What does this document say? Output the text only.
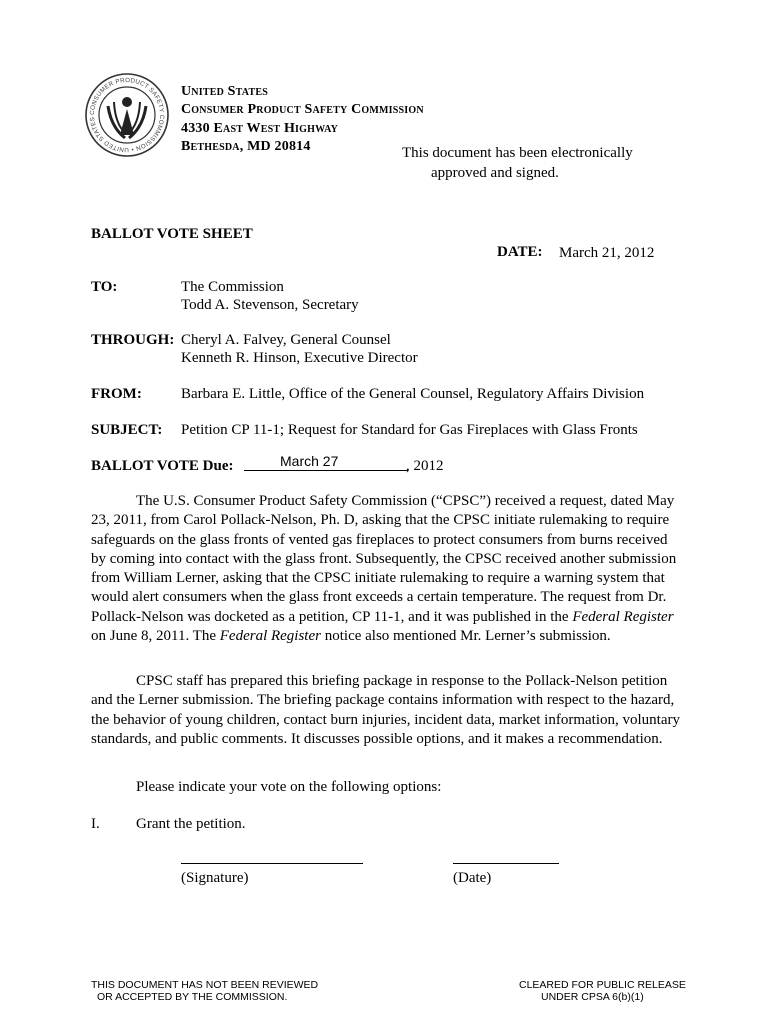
CONSUMER PRODUCT SAFETY COMMISSION • UNITED STATES
United States
Consumer Product Safety Commission
4330 East West Highway
Bethesda, MD 20814	This document has been electronically
approved and signed.
BALLOT VOTE SHEET
DATE: March 21, 2012
TO:	The Commission
Todd A. Stevenson, Secretary
THROUGH: Cheryl A. Falvey, General Counsel
Kenneth R. Hinson, Executive Director
FROM:	Barbara E. Little, Office of the General Counsel, Regulatory Affairs Division
SUBJECT: Petition CP 11-1; Request for Standard for Gas Fireplaces with Glass Fronts
BALLOT VOTE Due:	March 27	, 2012
The U.S. Consumer Product Safety Commission (“CPSC”) received a request, dated May 23, 2011, from Carol Pollack-Nelson, Ph. D, asking that the CPSC initiate rulemaking to require safeguards on the glass fronts of vented gas fireplaces to protect consumers from burns received by coming into contact with the glass front. Subsequently, the CPSC received another submission from William Lerner, asking that the CPSC initiate rulemaking to require a warning system that would alert consumers when the glass front exceeds a certain temperature. The request from Dr. Pollack-Nelson was docketed as a petition, CP 11-1, and it was published in the Federal Register on June 8, 2011. The Federal Register notice also mentioned Mr. Lerner’s submission.
CPSC staff has prepared this briefing package in response to the Pollack-Nelson petition and the Lerner submission. The briefing package contains information with respect to the hazard, the behavior of young children, contact burn injuries, incident data, market information, voluntary standards, and public comments. It discusses possible options, and it makes a recommendation.
Please indicate your vote on the following options:
I. Grant the petition.
(Signature)	(Date)
THIS DOCUMENT HAS NOT BEEN REVIEWED
OR ACCEPTED BY THE COMMISSION.
CLEARED FOR PUBLIC RELEASE
UNDER CPSA 6(b)(1)
